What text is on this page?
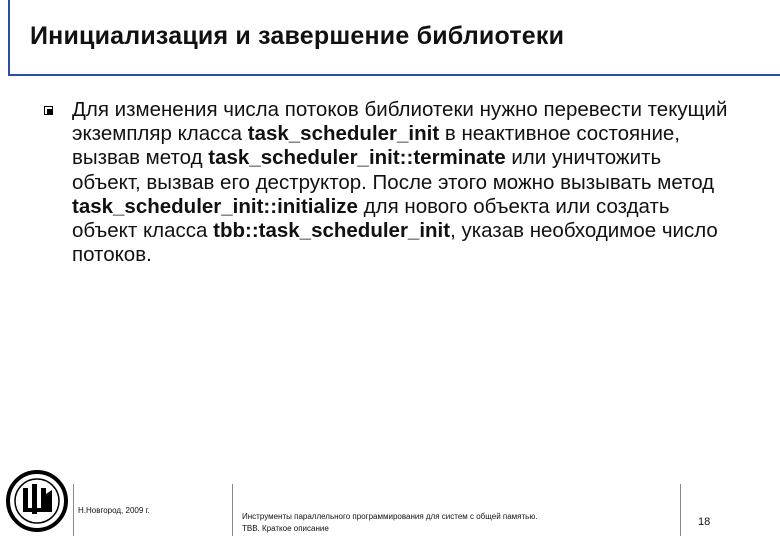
Инициализация и завершение библиотеки

Для изменения числа потоков библиотеки нужно перевести текущий экземпляр класса task_scheduler_init в неактивное состояние, вызвав метод task_scheduler_init::terminate или уничтожить объект, вызвав его деструктор. После этого можно вызывать метод task_scheduler_init::initialize для нового объекта или создать объект класса tbb::task_scheduler_init, указав необходимое число потоков.

Н.Новгород, 2009 г.
Инструменты параллельного программирования для систем с общей памятью.
TBB. Краткое описание
18
